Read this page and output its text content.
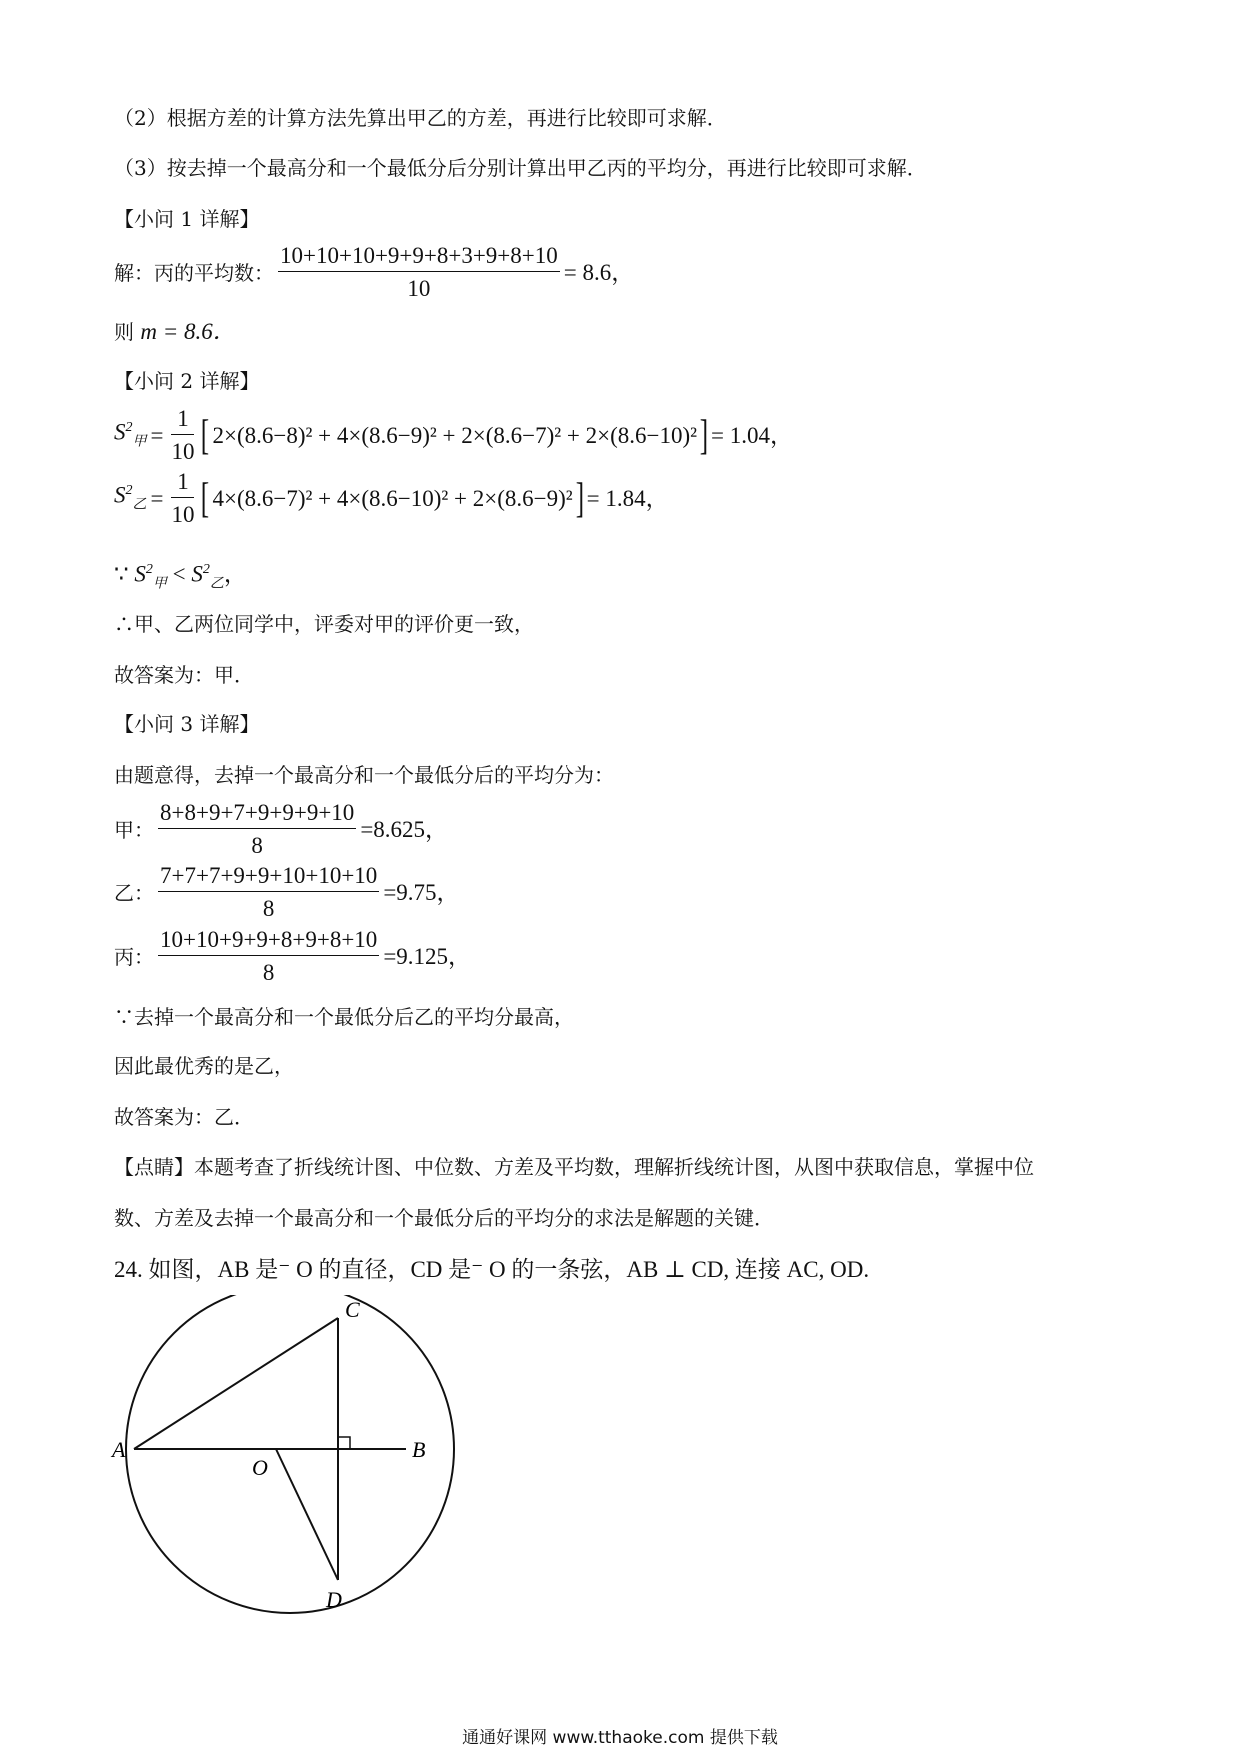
（2）根据方差的计算方法先算出甲乙的方差，再进行比较即可求解．
（3）按去掉一个最高分和一个最低分后分别计算出甲乙丙的平均分，再进行比较即可求解．
【小问 1 详解】
解：丙的平均数： $\frac{10+10+10+9+9+8+3+9+8+10}{10} = 8.6$，
则 m = 8.6．
【小问 2 详解】
$S^2_甲 = \frac{1}{10}$ [ 2×(8.6−8)² + 4×(8.6−9)² + 2×(8.6−7)² + 2×(8.6−10)² ] = 1.04，
$S^2_乙 = \frac{1}{10}$ [ 4×(8.6−7)² + 4×(8.6−10)² + 2×(8.6−9)² ] = 1.84，
∵ $S^2_甲 < S^2_乙$，
∴甲、乙两位同学中，评委对甲的评价更一致，
故答案为：甲．
【小问 3 详解】
由题意得，去掉一个最高分和一个最低分后的平均分为：
甲： $\frac{8+8+9+7+9+9+9+10}{8} =8.625$，
乙： $\frac{7+7+7+9+9+10+10+10}{8} =9.75$，
丙： $\frac{10+10+9+9+8+9+8+10}{8} =9.125$，
∵去掉一个最高分和一个最低分后乙的平均分最高，
因此最优秀的是乙，
故答案为：乙．
【点睛】本题考查了折线统计图、中位数、方差及平均数，理解折线统计图，从图中获取信息，掌握中位
数、方差及去掉一个最高分和一个最低分后的平均分的求法是解题的关键．
24. 如图，AB 是⁻ O 的直径，CD 是⁻ O 的一条弦，AB ⊥ CD, 连接 AC, OD.
A	B
C
D
O
通通好课网 www.tthaoke.com 提供下载
